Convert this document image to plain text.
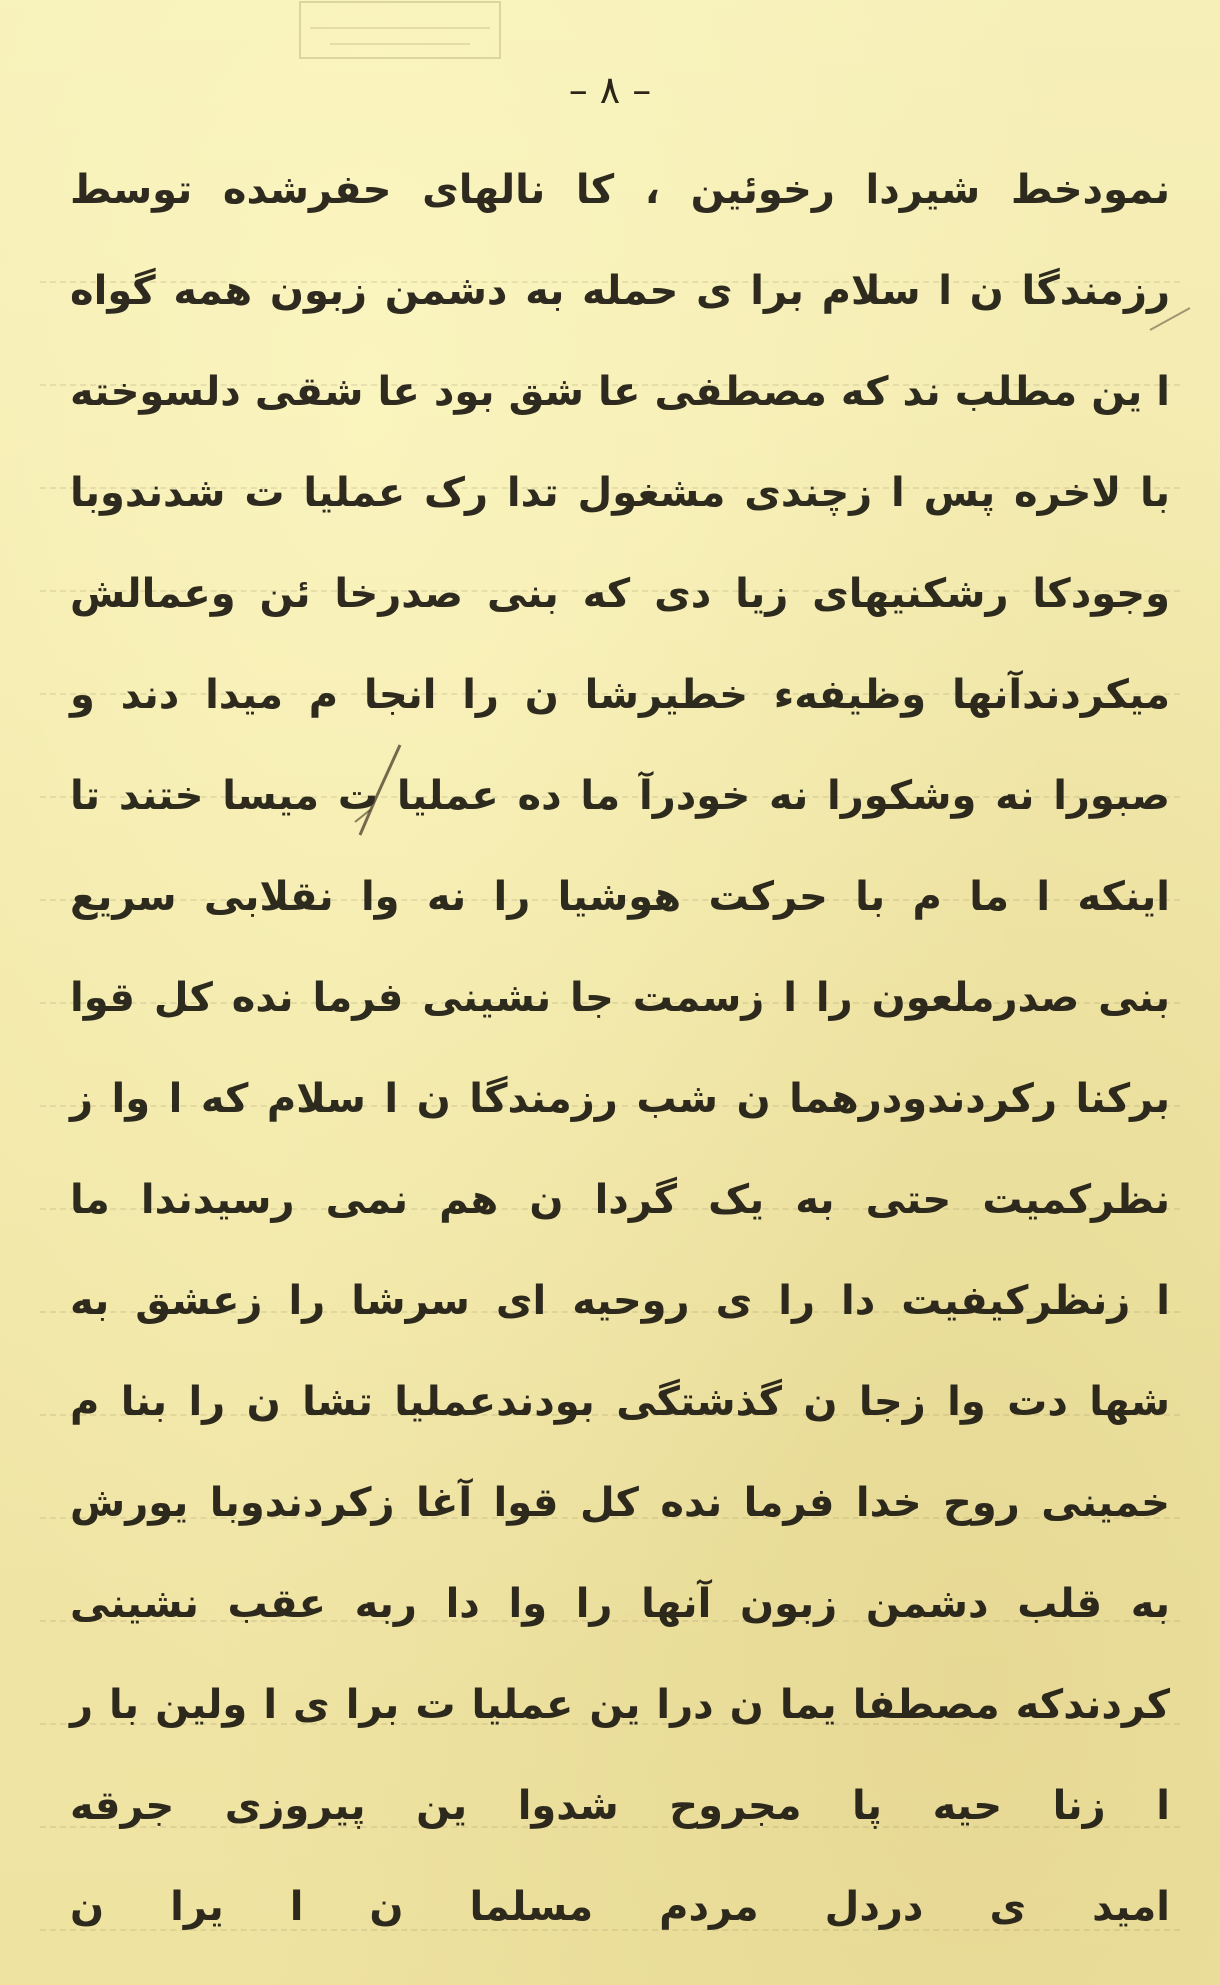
– ٨ –
نمودخط شیردا رخوئین ، کا نالهای حفرشده توسط
رزمندگا ن ا سلام برا ی حمله به دشمن زبون همه گواه
ا ین مطلب ند که مصطفی عا شق بود عا شقی دلسوخته
با لاخره پس ا زچندی مشغول تدا رک عملیا ت شدندوبا
وجودکا رشکنیهای زیا دی که بنی صدرخا ئن وعمالش
میکردندآنها وظیفهء خطیرشا ن را انجا م میدا دند و
صبورا نه وشکورا نه خودرآ ما ده عملیا ت میسا ختند تا
اینکه ا ما م با حرکت هوشیا را نه وا نقلابی سریع
بنی صدرملعون را ا زسمت جا نشینی فرما نده کل قوا
برکنا رکردندودرهما ن شب رزمندگا ن ا سلام که ا وا ز
نظرکمیت حتی به یک گردا ن هم نمی رسیدندا ما
ا زنظرکیفیت دا را ی روحیه ای سرشا را زعشق به
شها دت وا زجا ن گذشتگی بودندعملیا تشا ن را بنا م
خمینی روح خدا فرما نده کل قوا آغا زکردندوبا یورش
به قلب دشمن زبون آنها را وا دا ربه عقب نشینی
کردندکه مصطفا یما ن درا ین عملیا ت برا ی ا ولین با ر
ا زنا حیه پا مجروح شدوا ین پیروزی جرقه
امید ی دردل مردم مسلما ن ا یرا ن
